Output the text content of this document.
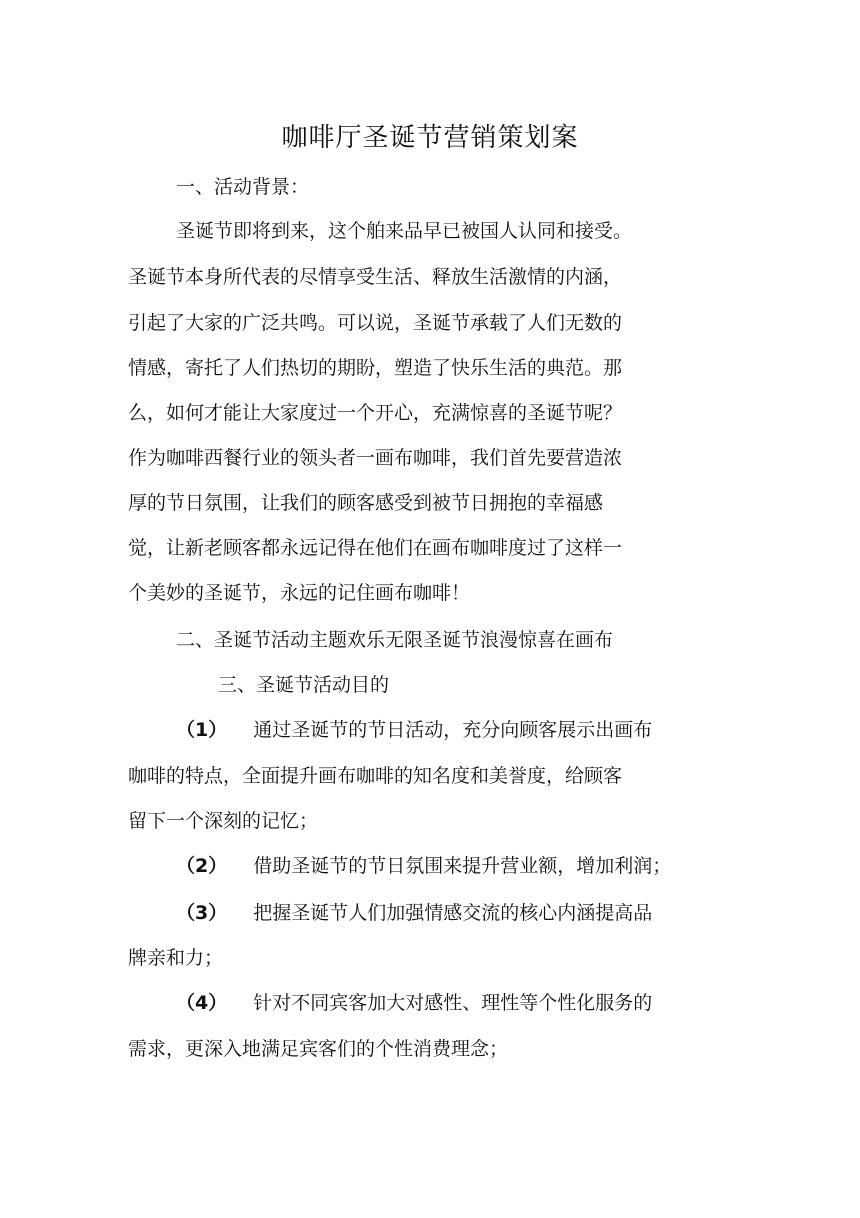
咖啡厅圣诞节营销策划案

一、活动背景：

圣诞节即将到来，这个舶来品早已被国人认同和接受。

圣诞节本身所代表的尽情享受生活、释放生活激情的内涵，

引起了大家的广泛共鸣。可以说，圣诞节承载了人们无数的

情感，寄托了人们热切的期盼，塑造了快乐生活的典范。那

么，如何才能让大家度过一个开心，充满惊喜的圣诞节呢？

作为咖啡西餐行业的领头者一画布咖啡，我们首先要营造浓

厚的节日氛围，让我们的顾客感受到被节日拥抱的幸福感

觉，让新老顾客都永远记得在他们在画布咖啡度过了这样一

个美妙的圣诞节，永远的记住画布咖啡！

二、圣诞节活动主题欢乐无限圣诞节浪漫惊喜在画布

三、圣诞节活动目的

（1） 通过圣诞节的节日活动，充分向顾客展示出画布

咖啡的特点，全面提升画布咖啡的知名度和美誉度，给顾客

留下一个深刻的记忆；

（2） 借助圣诞节的节日氛围来提升营业额，增加利润；

（3） 把握圣诞节人们加强情感交流的核心内涵提高品

牌亲和力；

（4） 针对不同宾客加大对感性、理性等个性化服务的

需求，更深入地满足宾客们的个性消费理念；
